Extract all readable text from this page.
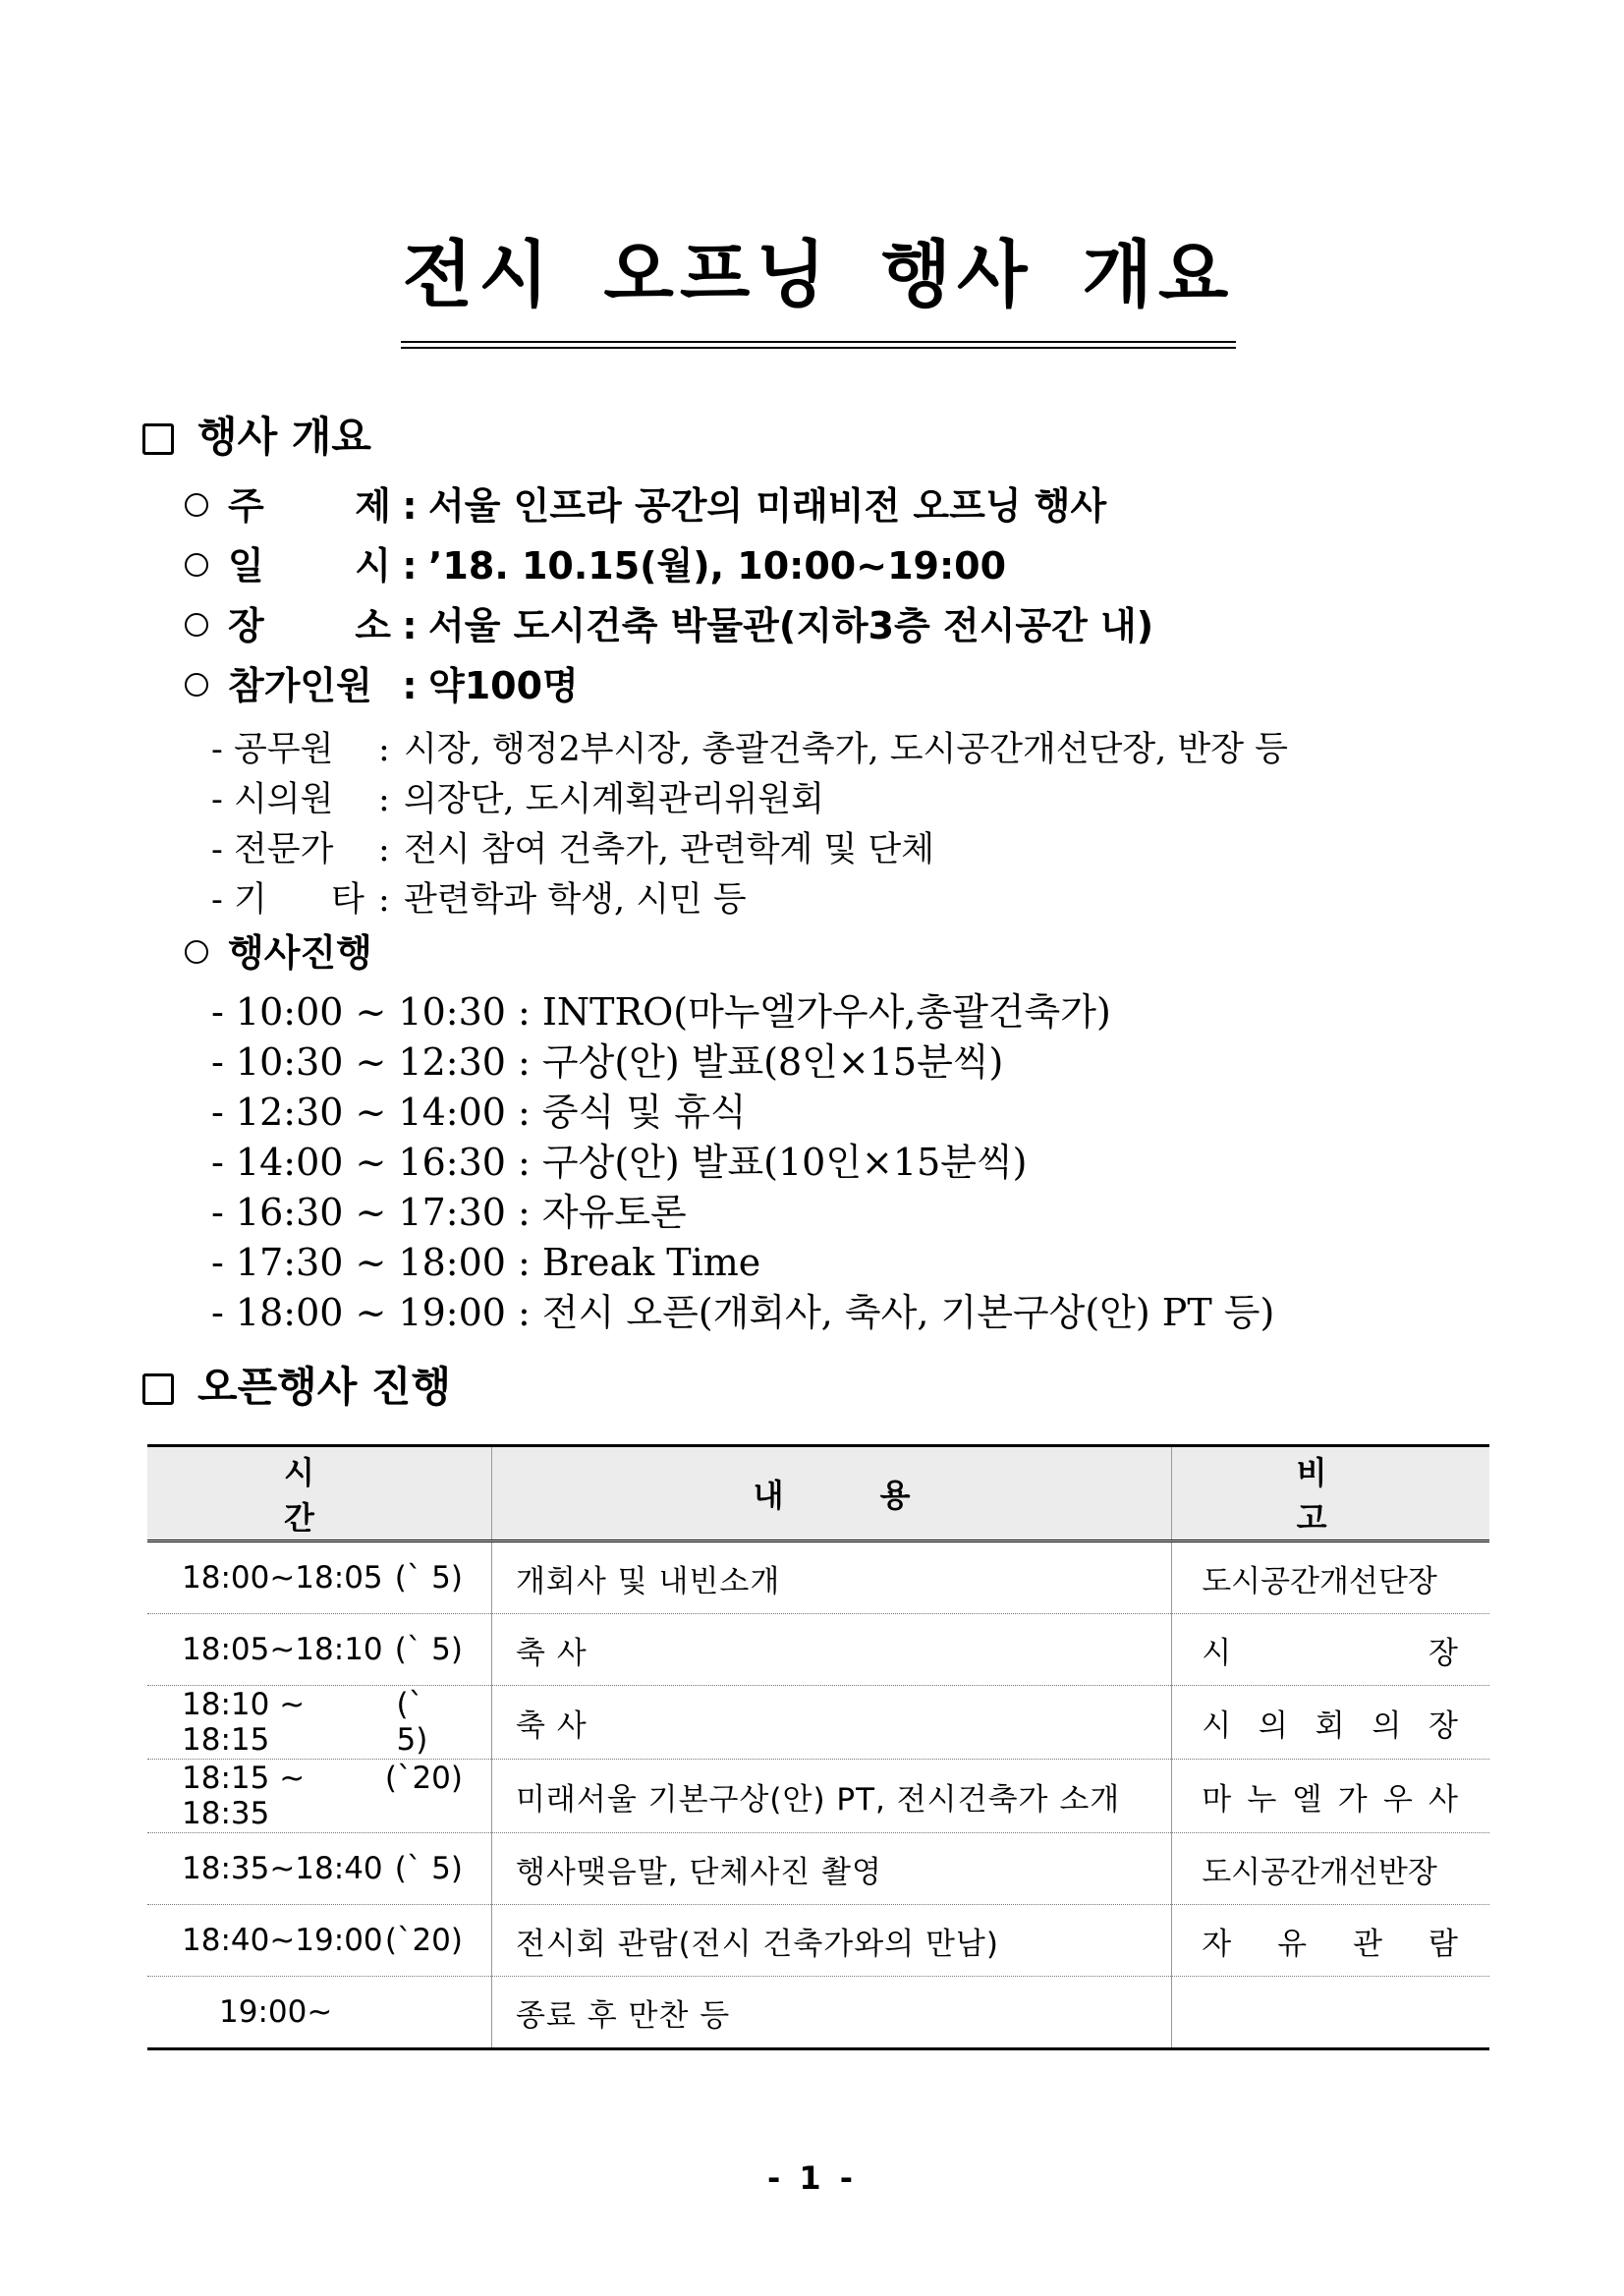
전시 오프닝 행사 개요
행사 개요
주 제 : 서울 인프라 공간의 미래비전 오프닝 행사
일 시 : ’18. 10.15(월), 10:00~19:00
장 소 : 서울 도시건축 박물관(지하3층 전시공간 내)
참가인원 : 약100명
- 공무원 : 시장, 행정2부시장, 총괄건축가, 도시공간개선단장, 반장 등
- 시의원 : 의장단, 도시계획관리위원회
- 전문가 : 전시 참여 건축가, 관련학계 및 단체
- 기 타 : 관련학과 학생, 시민 등
행사진행
- 10:00 ~ 10:30 : INTRO(마누엘가우사,총괄건축가)
- 10:30 ~ 12:30 : 구상(안) 발표(8인×15분씩)
- 12:30 ~ 14:00 : 중식 및 휴식
- 14:00 ~ 16:30 : 구상(안) 발표(10인×15분씩)
- 16:30 ~ 17:30 : 자유토론
- 17:30 ~ 18:00 : Break Time
- 18:00 ~ 19:00 : 전시 오픈(개회사, 축사, 기본구상(안) PT 등)
오픈행사 진행
시 간	내 용	비 고

18:00~18:05 (` 5)	개회사 및 내빈소개	도시공간개선단장

18:05~18:10 (` 5)	축 사	시 장

18:10 ~ 18:15
(` 5)	축 사	시 의 회 의 장

18:15 ~ 18:35
(`20)	미래서울 기본구상(안) PT, 전시건축가 소개	마 누 엘 가 우 사

18:35~18:40 (` 5)	행사맺음말, 단체사진 촬영	도시공간개선반장

18:40~19:00 (`20)	전시회 관람(전시 건축가와의 만남)	자 유 관 람

19:00~	종료 후 만찬 등	
- 1 -
